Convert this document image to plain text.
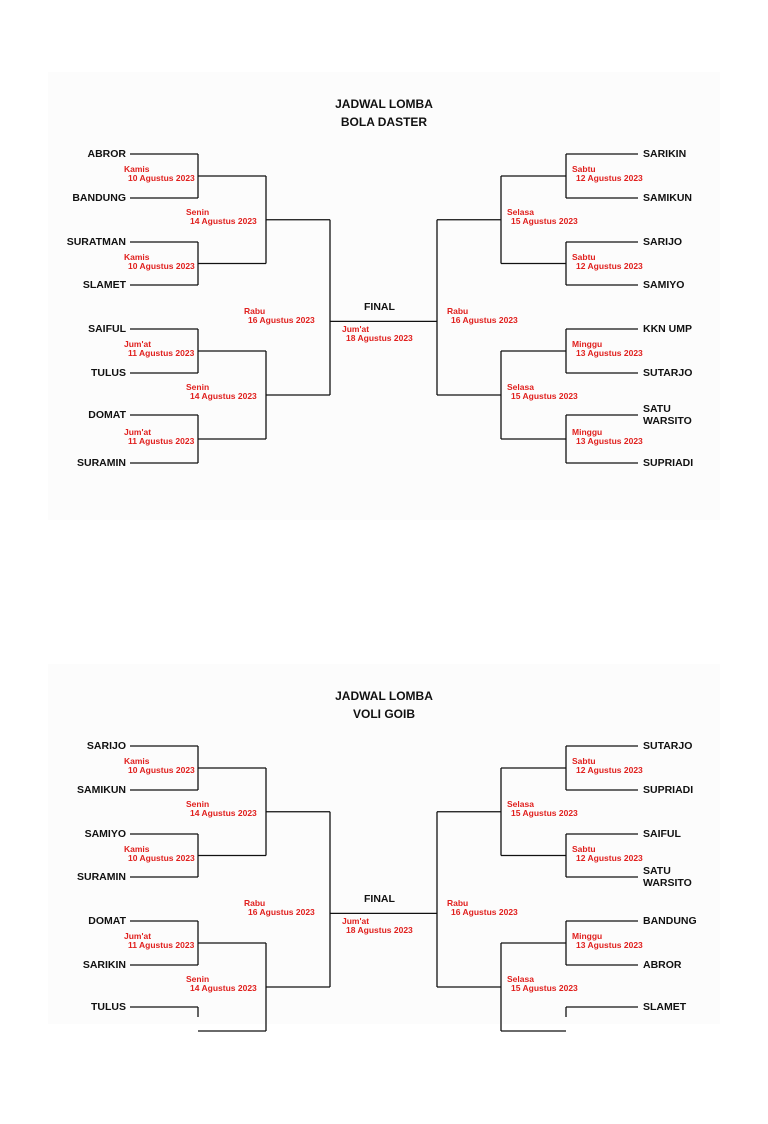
JADWAL LOMBA
BOLA DASTER
ABROR
BANDUNG
SURATMAN
SLAMET
SAIFUL
TULUS
DOMAT
SURAMIN
SARIKIN
SAMIKUN
SARIJO
SAMIYO
KKN UMP
SUTARJO
SATU
WARSITO
SUPRIADI
Kamis
10 Agustus 2023
Sabtu
12 Agustus 2023
Kamis
10 Agustus 2023
Sabtu
12 Agustus 2023
Jum'at
11 Agustus 2023
Minggu
13 Agustus 2023
Jum'at
11 Agustus 2023
Minggu
13 Agustus 2023
Senin
14 Agustus 2023
Selasa
15 Agustus 2023
Senin
14 Agustus 2023
Selasa
15 Agustus 2023
Rabu
16 Agustus 2023
Rabu
16 Agustus 2023
FINAL
Jum'at
18 Agustus 2023
JADWAL LOMBA
VOLI GOIB
SARIJO
SAMIKUN
SAMIYO
SURAMIN
DOMAT
SARIKIN
TULUS
SUTARJO
SUPRIADI
SAIFUL
SATU
WARSITO
BANDUNG
ABROR
SLAMET
Kamis
10 Agustus 2023
Sabtu
12 Agustus 2023
Kamis
10 Agustus 2023
Sabtu
12 Agustus 2023
Jum'at
11 Agustus 2023
Minggu
13 Agustus 2023
Senin
14 Agustus 2023
Selasa
15 Agustus 2023
Senin
14 Agustus 2023
Selasa
15 Agustus 2023
Rabu
16 Agustus 2023
Rabu
16 Agustus 2023
FINAL
Jum'at
18 Agustus 2023
